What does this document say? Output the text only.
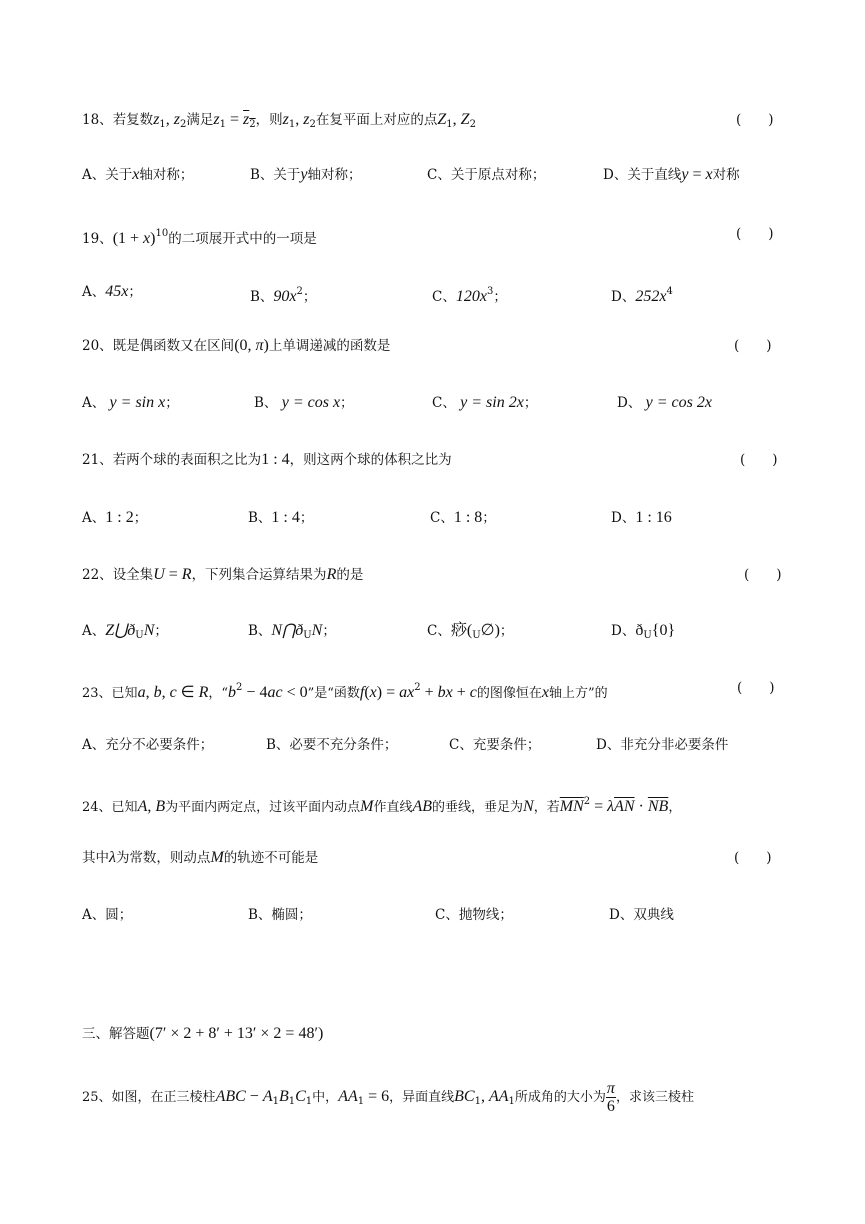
18、若复数$z_1$, $z_2$满足$z_1 = z_2$，则$z_1$, $z_2$在复平面上对应的点$Z_1$, $Z_2$	(　　)
A、关于x轴对称；	B、关于y轴对称；	C、关于原点对称；	D、关于直线y = x对称
19、$(1 + x)^{10}$的二项展开式中的一项是	(　　)
A、45x；	B、$90x^2$；	C、$120x^3$；	D、$252x^4$
20、既是偶函数又在区间(0, π)上单调递减的函数是	(　　)
A、 y = sin x；	B、 y = cos x；	C、 y = sin 2x；	D、 y = cos 2x
21、若两个球的表面积之比为1 : 4，则这两个球的体积之比为	(　　)
A、1 : 2；	B、1 : 4；	C、1 : 8；	D、1 : 16
22、设全集U = R，下列集合运算结果为R的是	(　　)
A、$Z⋃ð_UN$；	B、$N⋂ð_UN$；	C、痧$(_U\emptyset)$；	D、$ð_U\{0\}$
23、已知a, b, c ∈ R，“$b^2 - 4ac < 0$”是“函数$f(x) = ax^2$ + bx + c的图像恒在x轴上方”的	(　　)
A、充分不必要条件；	B、必要不充分条件；	C、充要条件；	D、非充分非必要条件
24、已知A, B为平面内两定点，过该平面内动点M作直线AB的垂线，垂足为N，若$\overline{MN}^2 = \lambda\overline{AN} \cdot \overline{NB}$，
其中λ为常数，则动点M的轨迹不可能是	(　　)
A、圆；	B、椭圆；	C、抛物线；	D、双典线
三、解答题(7′ × 2 + 8′ + 13′ × 2 = 48′)
25、如图，在正三棱柱ABC − $A_1B_1C_1$中，$AA_1 = 6$，异面直线$BC_1$, $AA_1$所成角的大小为 $\frac{\pi}{6}$ ，求该三棱柱
